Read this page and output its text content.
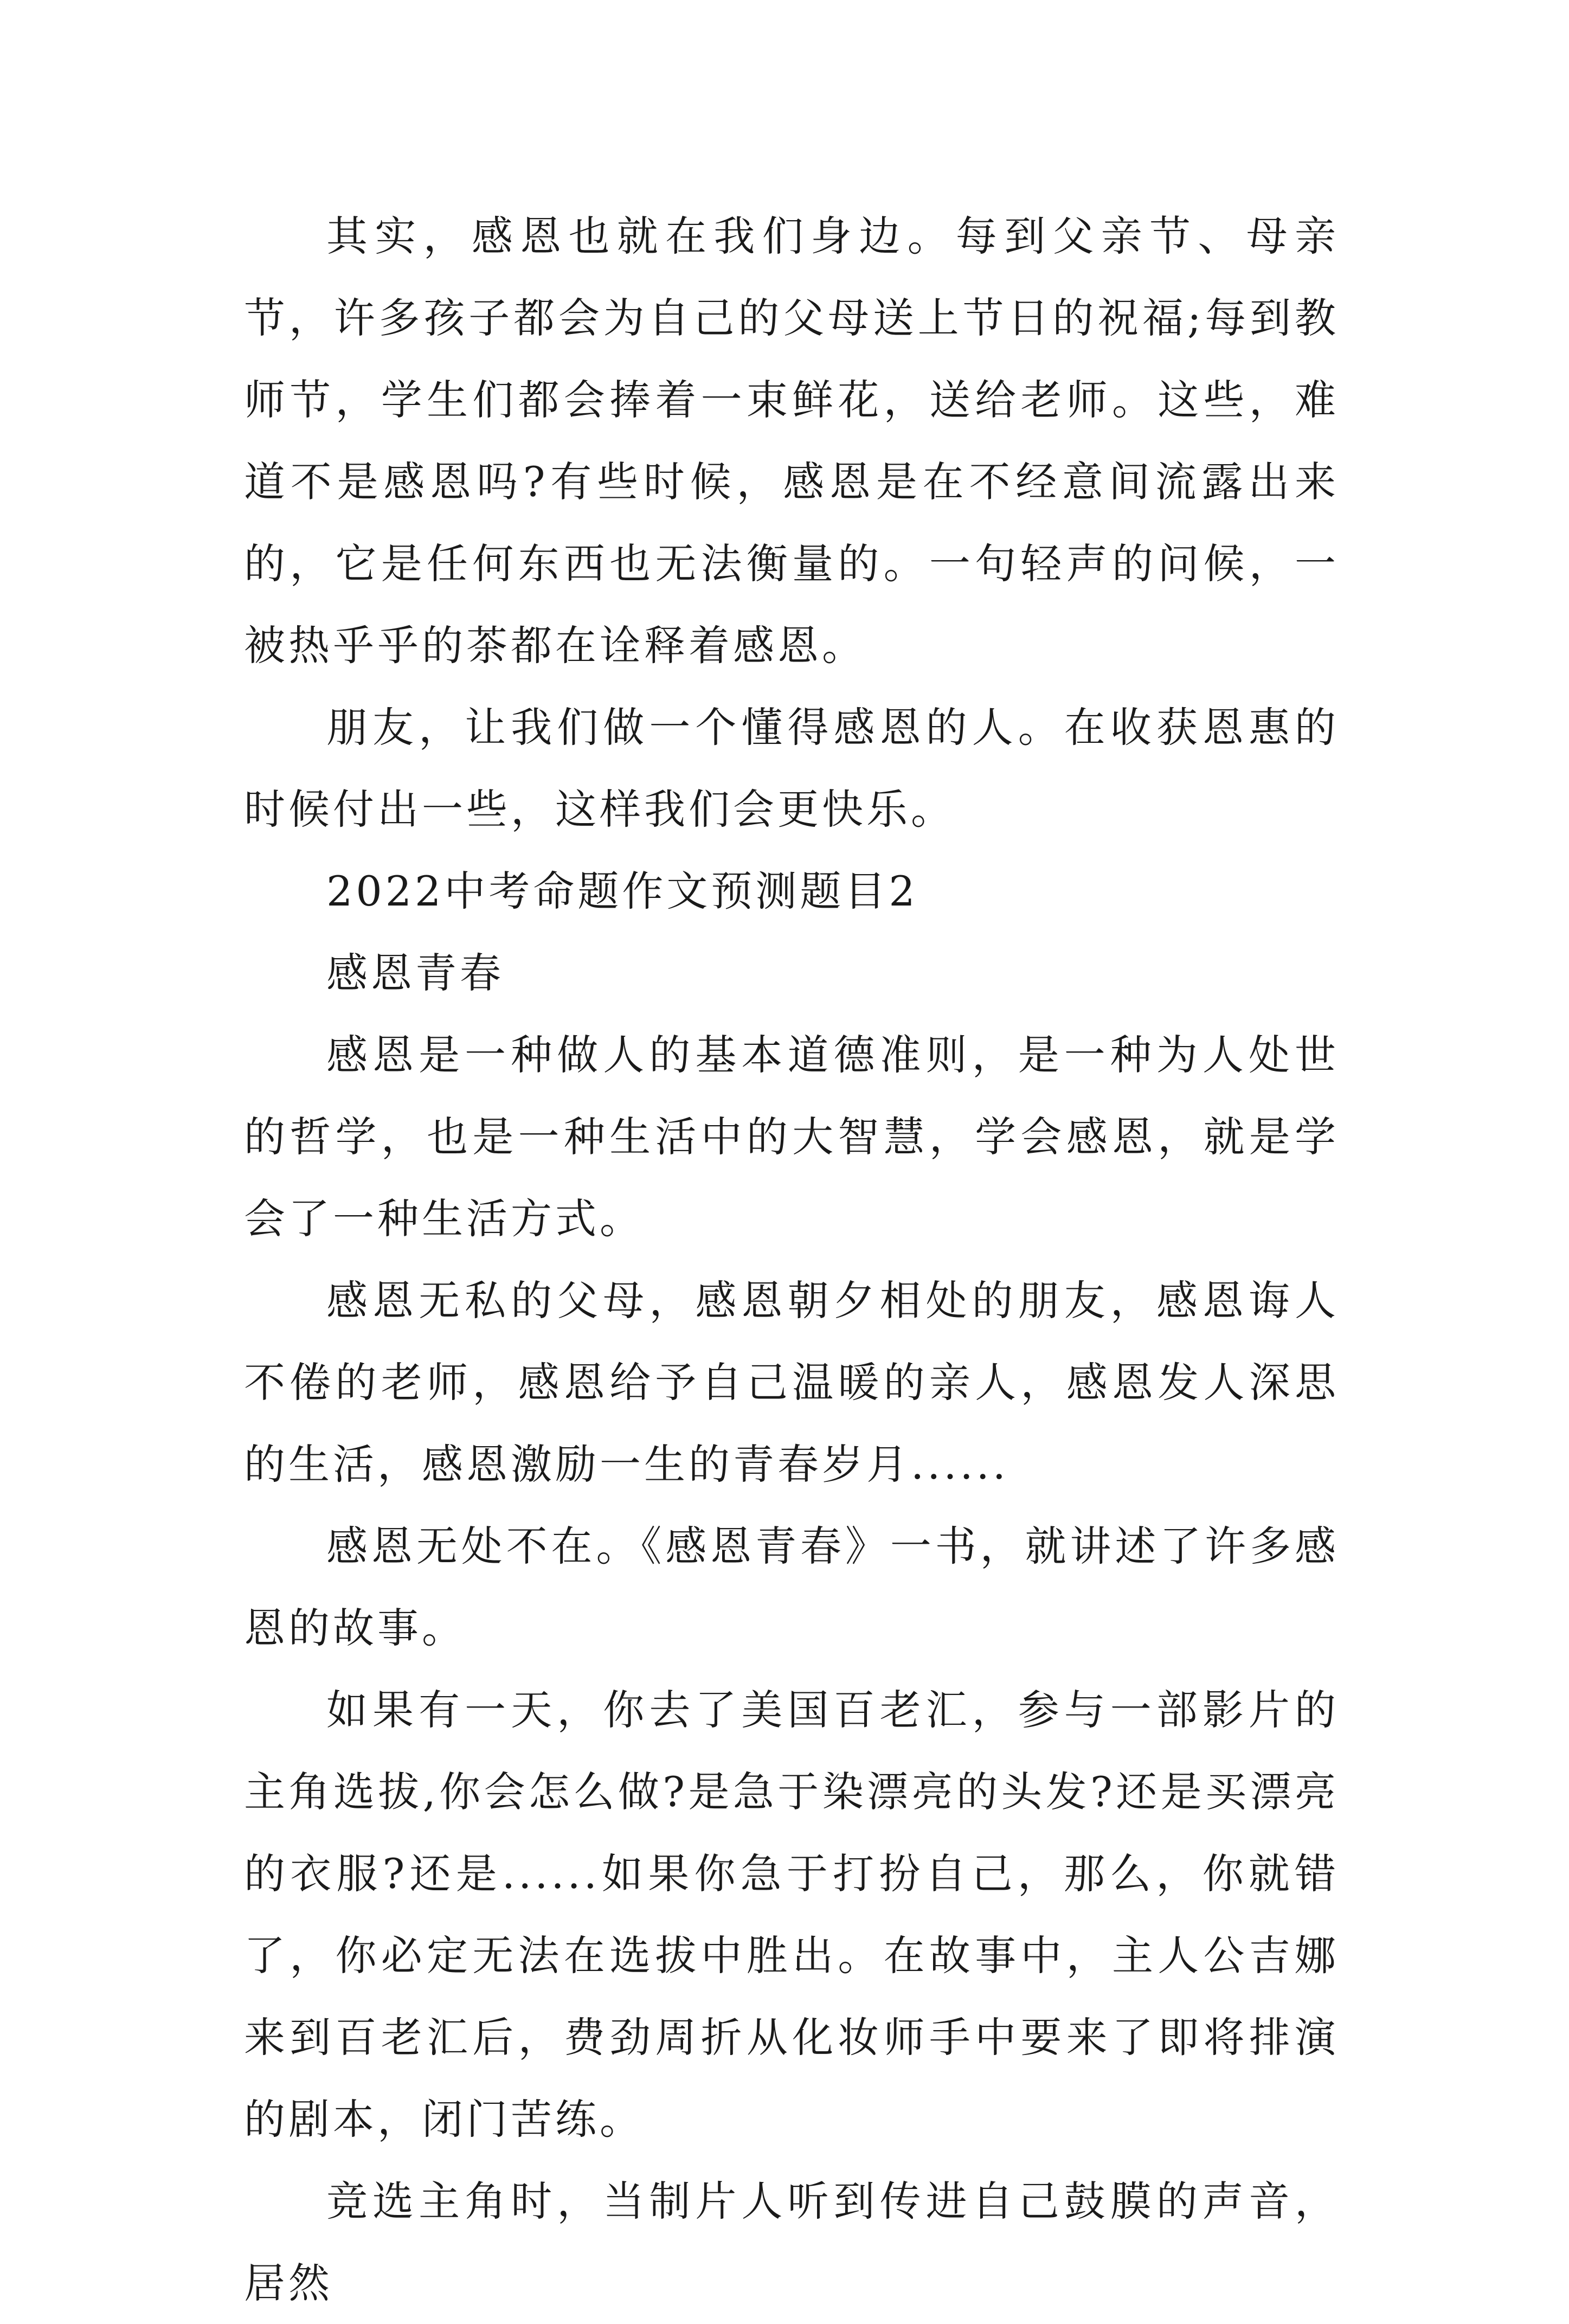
其实，感恩也就在我们身边。每到父亲节、母亲节，许多孩子都会为自己的父母送上节日的祝福;每到教师节，学生们都会捧着一束鲜花，送给老师。这些，难道不是感恩吗?有些时候，感恩是在不经意间流露出来的，它是任何东西也无法衡量的。一句轻声的问候，一被热乎乎的茶都在诠释着感恩。

朋友，让我们做一个懂得感恩的人。在收获恩惠的时候付出一些，这样我们会更快乐。

2022中考命题作文预测题目2

感恩青春

感恩是一种做人的基本道德准则，是一种为人处世的哲学，也是一种生活中的大智慧，学会感恩，就是学会了一种生活方式。

感恩无私的父母，感恩朝夕相处的朋友，感恩诲人不倦的老师，感恩给予自己温暖的亲人，感恩发人深思的生活，感恩激励一生的青春岁月......

感恩无处不在。《感恩青春》一书，就讲述了许多感恩的故事。

如果有一天，你去了美国百老汇，参与一部影片的主角选拔,你会怎么做?是急于染漂亮的头发?还是买漂亮的衣服?还是......如果你急于打扮自己，那么，你就错了，你必定无法在选拔中胜出。在故事中，主人公吉娜来到百老汇后，费劲周折从化妆师手中要来了即将排演的剧本，闭门苦练。

竞选主角时，当制片人听到传进自己鼓膜的声音，居然
